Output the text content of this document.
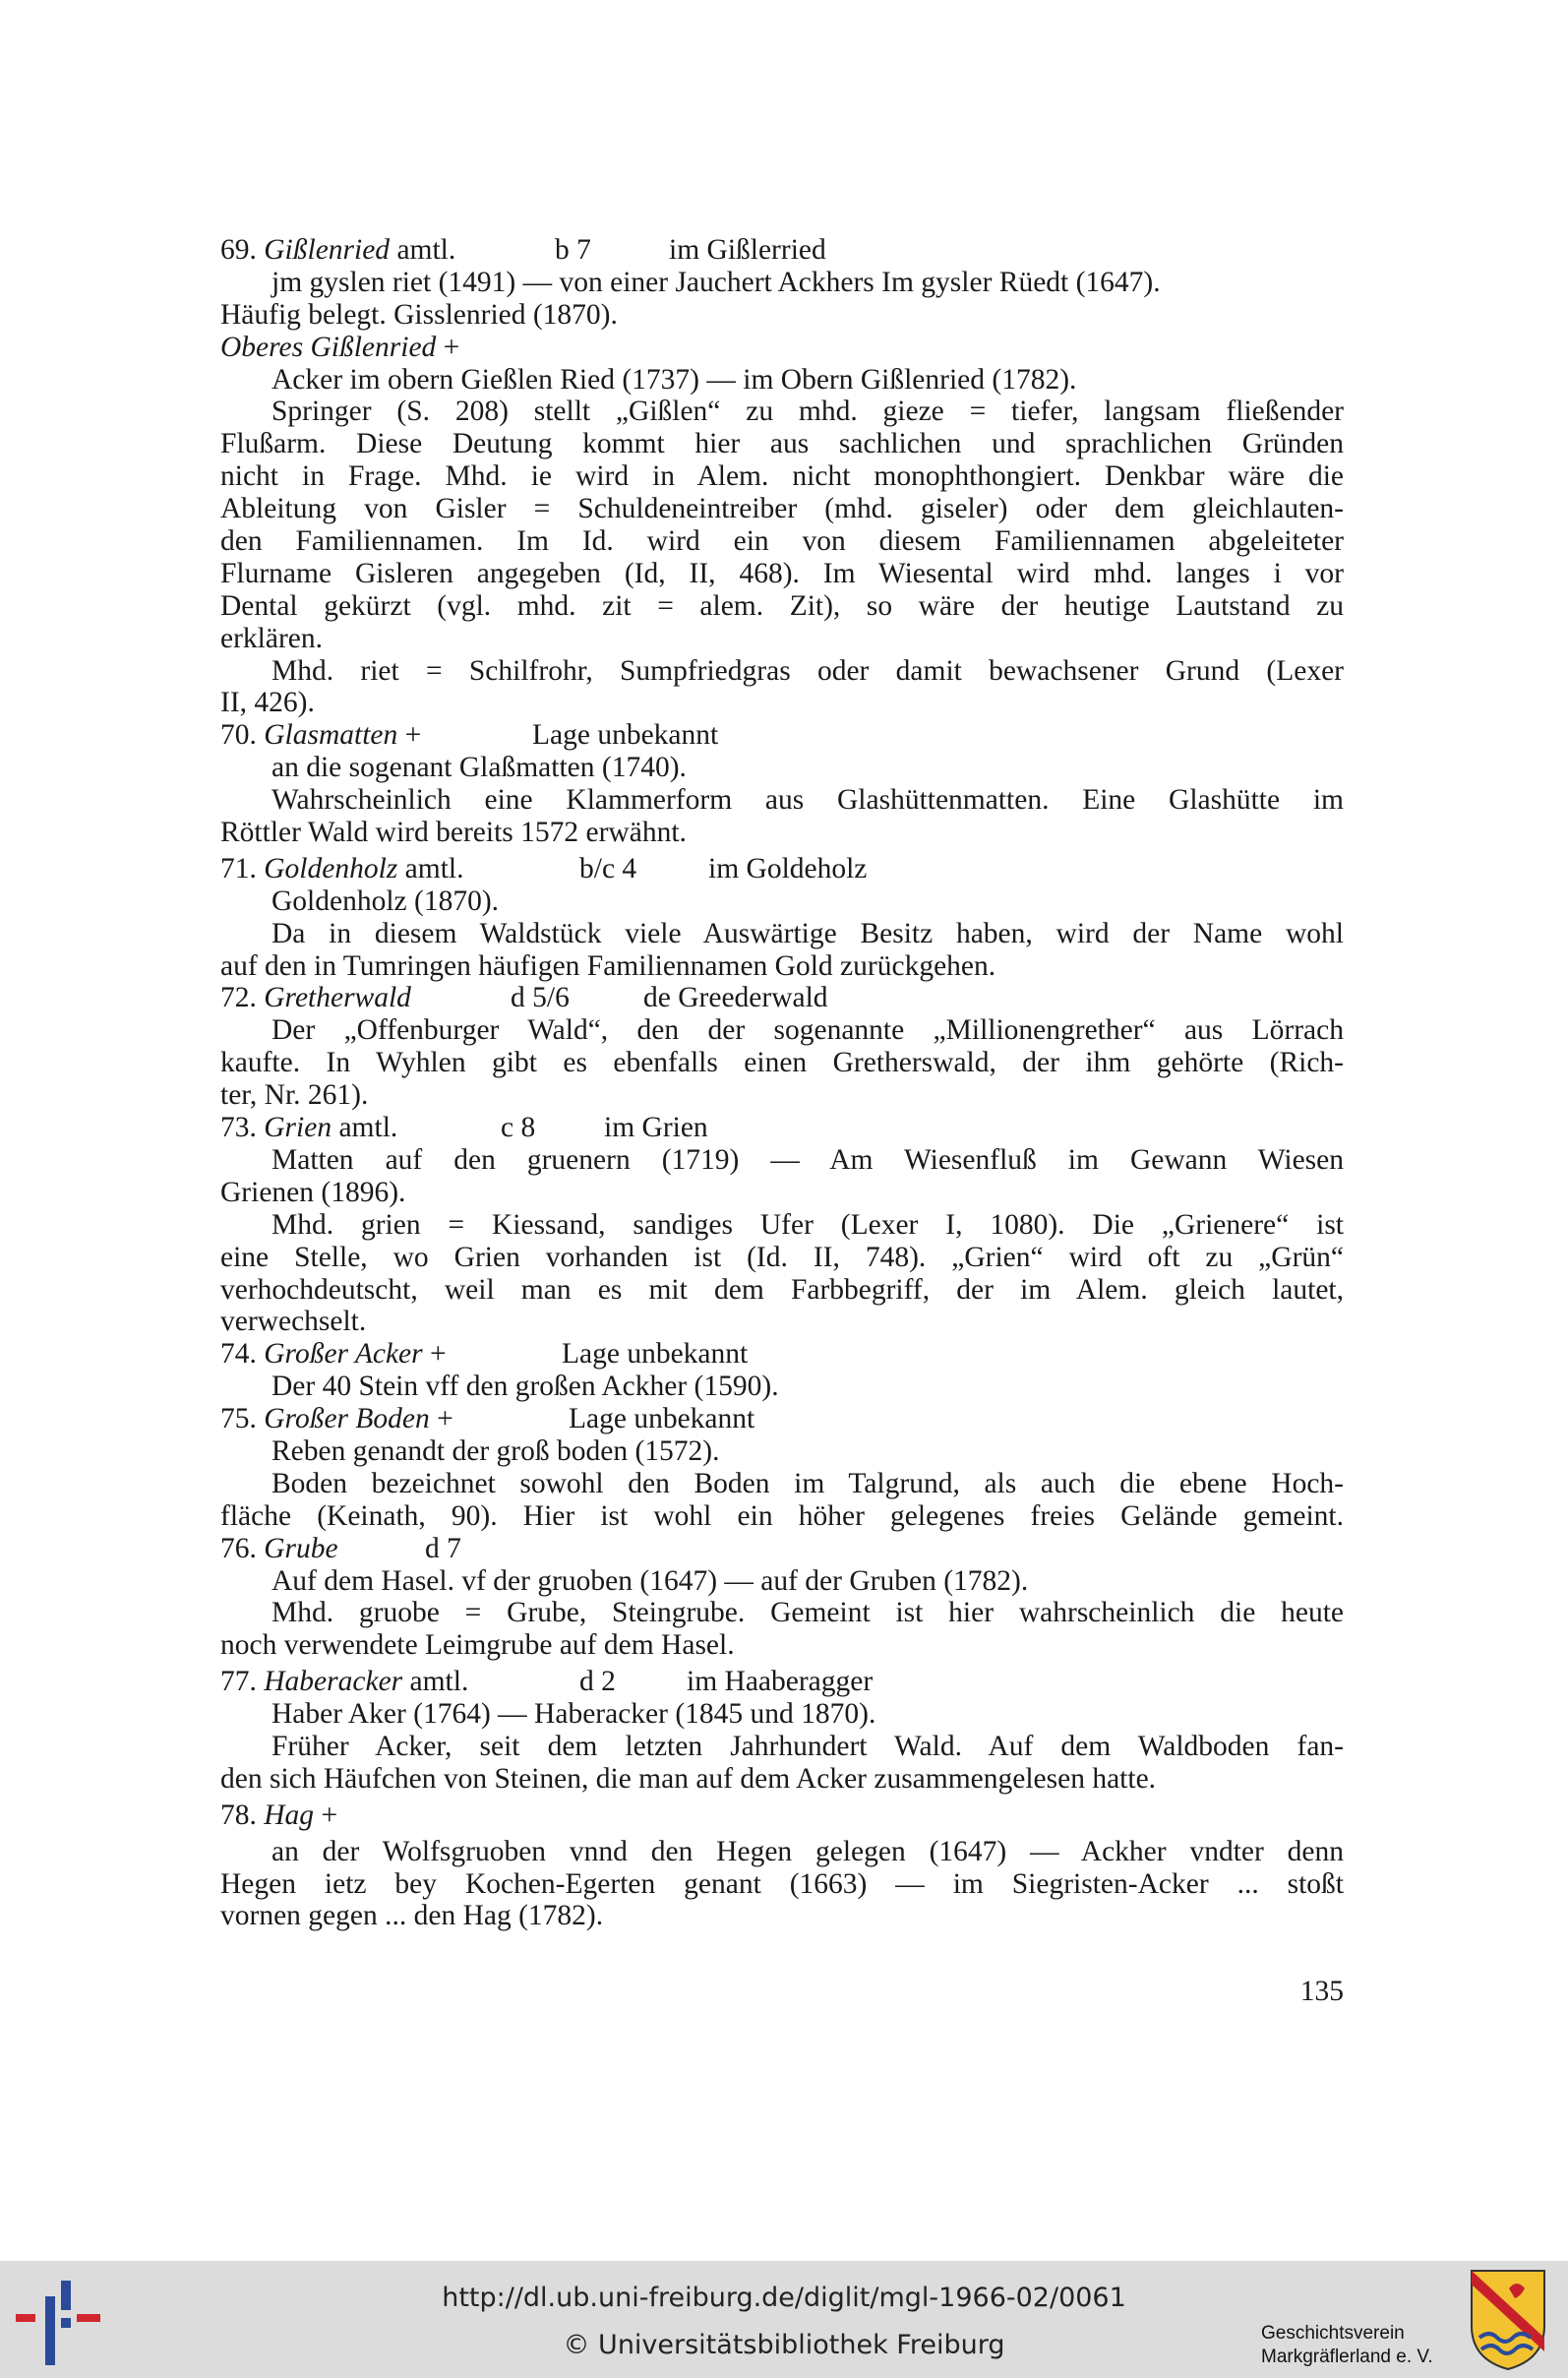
69. Gißlenried amtl.	b 7	im Gißlerried
jm gyslen riet (1491) — von einer Jauchert Ackhers Im gysler Rüedt (1647).
Häufig belegt. Gisslenried (1870).
Oberes Gißlenried +
Acker im obern Gießlen Ried (1737) — im Obern Gißlenried (1782).
Springer (S. 208) stellt „Gißlen“ zu mhd. gieze = tiefer, langsam fließender
Flußarm. Diese Deutung kommt hier aus sachlichen und sprachlichen Gründen
nicht in Frage. Mhd. ie wird in Alem. nicht monophthongiert. Denkbar wäre die
Ableitung von Gisler = Schuldeneintreiber (mhd. giseler) oder dem gleichlauten-
den Familiennamen. Im Id. wird ein von diesem Familiennamen abgeleiteter
Flurname Gisleren angegeben (Id, II, 468). Im Wiesental wird mhd. langes i vor
Dental gekürzt (vgl. mhd. zit = alem. Zit), so wäre der heutige Lautstand zu
erklären.
Mhd. riet = Schilfrohr, Sumpfriedgras oder damit bewachsener Grund (Lexer
II, 426).
70. Glasmatten +	Lage unbekannt
an die sogenant Glaßmatten (1740).
Wahrscheinlich eine Klammerform aus Glashüttenmatten. Eine Glashütte im
Röttler Wald wird bereits 1572 erwähnt.
71. Goldenholz amtl.	b/c 4 im Goldeholz
Goldenholz (1870).
Da in diesem Waldstück viele Auswärtige Besitz haben, wird der Name wohl
auf den in Tumringen häufigen Familiennamen Gold zurückgehen.
72. Gretherwald	d 5/6	de Greederwald
Der „Offenburger Wald“, den der sogenannte „Millionengrether“ aus Lörrach
kaufte. In Wyhlen gibt es ebenfalls einen Gretherswald, der ihm gehörte (Rich-
ter, Nr. 261).
73. Grien amtl.	c 8 im Grien
Matten auf den gruenern (1719) — Am Wiesenfluß im Gewann Wiesen
Grienen (1896).
Mhd. grien = Kiessand, sandiges Ufer (Lexer I, 1080). Die „Grienere“ ist
eine Stelle, wo Grien vorhanden ist (Id. II, 748). „Grien“ wird oft zu „Grün“
verhochdeutscht, weil man es mit dem Farbbegriff, der im Alem. gleich lautet,
verwechselt.
74. Großer Acker +	Lage unbekannt
Der 40 Stein vff den großen Ackher (1590).
75. Großer Boden +	Lage unbekannt
Reben genandt der groß boden (1572).
Boden bezeichnet sowohl den Boden im Talgrund, als auch die ebene Hoch-
fläche (Keinath, 90). Hier ist wohl ein höher gelegenes freies Gelände gemeint.
76. Grube	d 7
Auf dem Hasel. vf der gruoben (1647) — auf der Gruben (1782).
Mhd. gruobe = Grube, Steingrube. Gemeint ist hier wahrscheinlich die heute
noch verwendete Leimgrube auf dem Hasel.
77. Haberacker amtl.	d 2 im Haaberagger
Haber Aker (1764) — Haberacker (1845 und 1870).
Früher Acker, seit dem letzten Jahrhundert Wald. Auf dem Waldboden fan-
den sich Häufchen von Steinen, die man auf dem Acker zusammengelesen hatte.
78. Hag +
an der Wolfsgruoben vnnd den Hegen gelegen (1647) — Ackher vndter denn
Hegen ietz bey Kochen-Egerten genant (1663) — im Siegristen-Acker ... stoßt
vornen gegen ... den Hag (1782).
135
http://dl.ub.uni-freiburg.de/diglit/mgl-1966-02/0061
© Universitätsbibliothek Freiburg	Geschichtsverein
Markgräflerland e. V.
